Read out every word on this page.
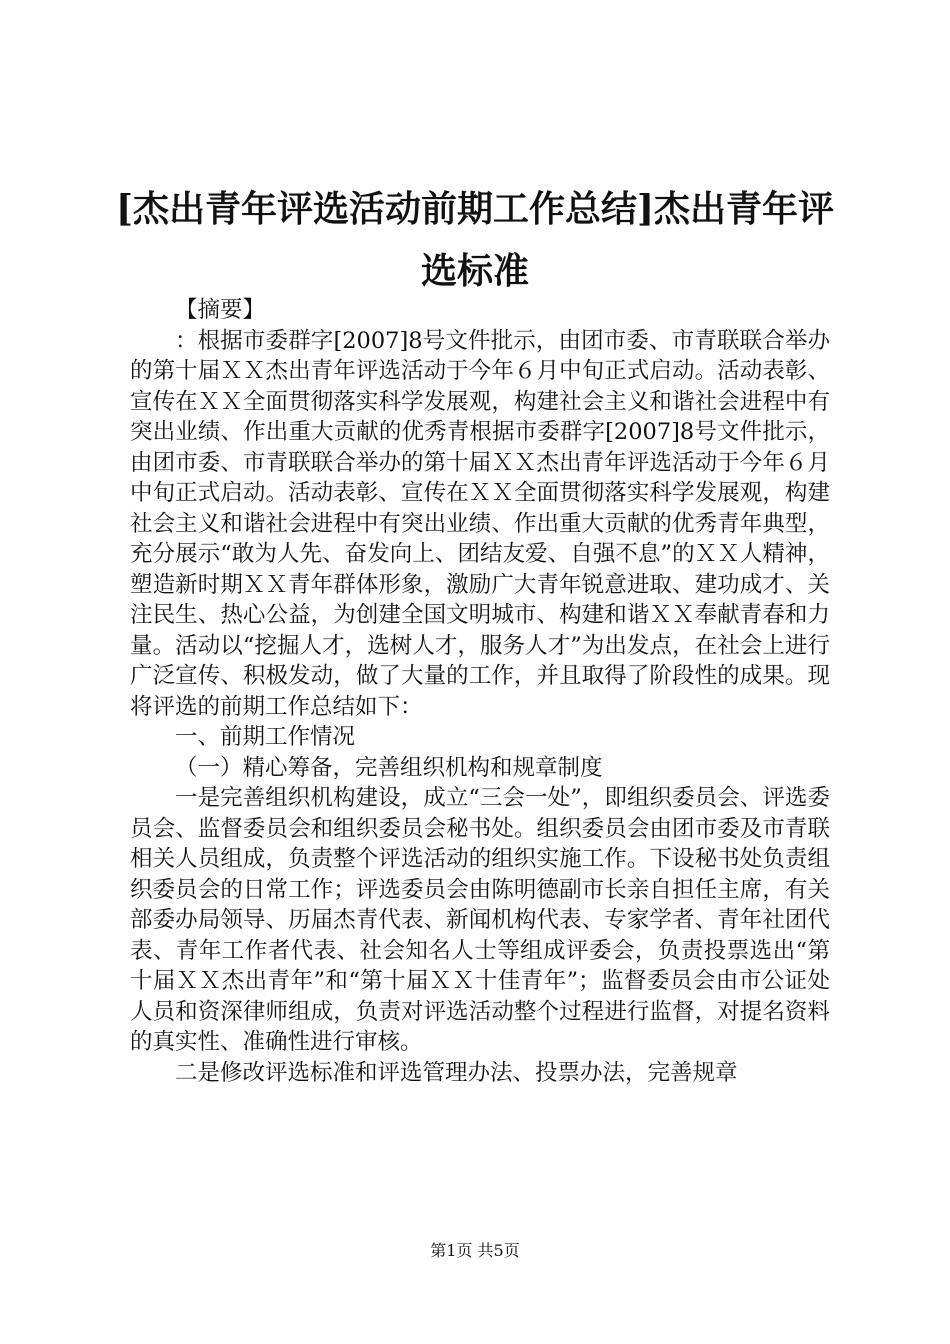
[杰出青年评选活动前期工作总结]杰出青年评选标准

【摘要】

：根据市委群字[2007]8号文件批示，由团市委、市青联联合举办的第十届ＸＸ杰出青年评选活动于今年６月中旬正式启动。活动表彰、宣传在ＸＸ全面贯彻落实科学发展观，构建社会主义和谐社会进程中有突出业绩、作出重大贡献的优秀青根据市委群字[2007]8号文件批示，由团市委、市青联联合举办的第十届ＸＸ杰出青年评选活动于今年６月中旬正式启动。活动表彰、宣传在ＸＸ全面贯彻落实科学发展观，构建社会主义和谐社会进程中有突出业绩、作出重大贡献的优秀青年典型，充分展示“敢为人先、奋发向上、团结友爱、自强不息”的ＸＸ人精神，塑造新时期ＸＸ青年群体形象，激励广大青年锐意进取、建功成才、关注民生、热心公益，为创建全国文明城市、构建和谐ＸＸ奉献青春和力量。活动以“挖掘人才，选树人才，服务人才”为出发点，在社会上进行广泛宣传、积极发动，做了大量的工作，并且取得了阶段性的成果。现将评选的前期工作总结如下：

一、前期工作情况

（一）精心筹备，完善组织机构和规章制度

一是完善组织机构建设，成立“三会一处”，即组织委员会、评选委员会、监督委员会和组织委员会秘书处。组织委员会由团市委及市青联相关人员组成，负责整个评选活动的组织实施工作。下设秘书处负责组织委员会的日常工作；评选委员会由陈明德副市长亲自担任主席，有关部委办局领导、历届杰青代表、新闻机构代表、专家学者、青年社团代表、青年工作者代表、社会知名人士等组成评委会，负责投票选出“第十届ＸＸ杰出青年”和“第十届ＸＸ十佳青年”；监督委员会由市公证处人员和资深律师组成，负责对评选活动整个过程进行监督，对提名资料的真实性、准确性进行审核。

二是修改评选标准和评选管理办法、投票办法，完善规章

第1页 共5页
